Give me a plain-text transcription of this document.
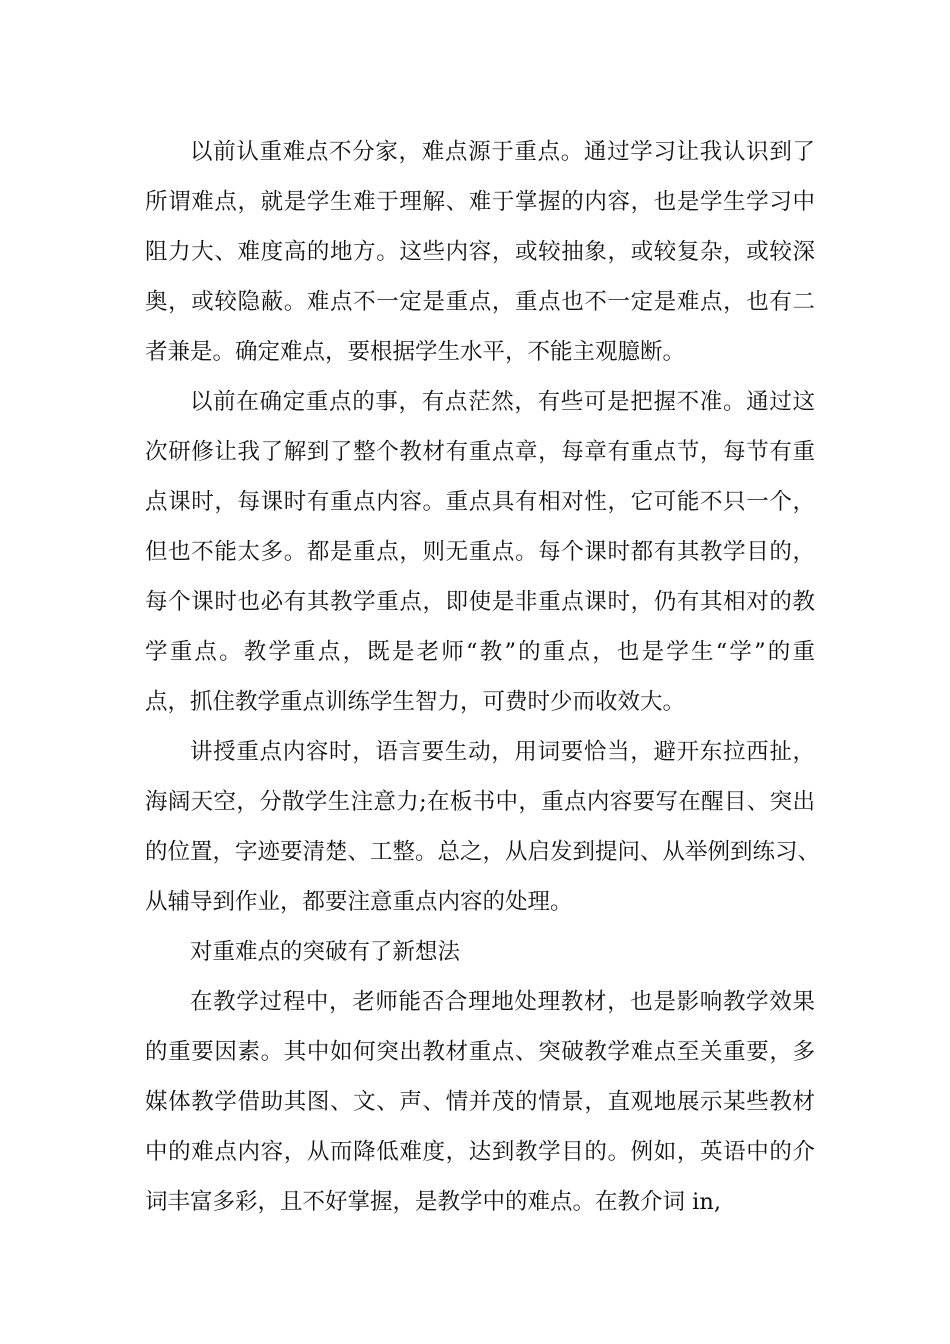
以前认重难点不分家，难点源于重点。通过学习让我认识到了
所谓难点，就是学生难于理解、难于掌握的内容，也是学生学习中
阻力大、难度高的地方。这些内容，或较抽象，或较复杂，或较深
奥，或较隐蔽。难点不一定是重点，重点也不一定是难点，也有二
者兼是。确定难点，要根据学生水平，不能主观臆断。
以前在确定重点的事，有点茫然，有些可是把握不准。通过这
次研修让我了解到了整个教材有重点章，每章有重点节，每节有重
点课时，每课时有重点内容。重点具有相对性，它可能不只一个，
但也不能太多。都是重点，则无重点。每个课时都有其教学目的，
每个课时也必有其教学重点，即使是非重点课时，仍有其相对的教
学重点。教学重点，既是老师“教”的重点，也是学生“学”的重
点，抓住教学重点训练学生智力，可费时少而收效大。
讲授重点内容时，语言要生动，用词要恰当，避开东拉西扯，
海阔天空，分散学生注意力;在板书中，重点内容要写在醒目、突出
的位置，字迹要清楚、工整。总之，从启发到提问、从举例到练习、
从辅导到作业，都要注意重点内容的处理。
对重难点的突破有了新想法
在教学过程中，老师能否合理地处理教材，也是影响教学效果
的重要因素。其中如何突出教材重点、突破教学难点至关重要，多
媒体教学借助其图、文、声、情并茂的情景，直观地展示某些教材
中的难点内容，从而降低难度，达到教学目的。例如，英语中的介
词丰富多彩，且不好掌握，是教学中的难点。在教介词 in,
